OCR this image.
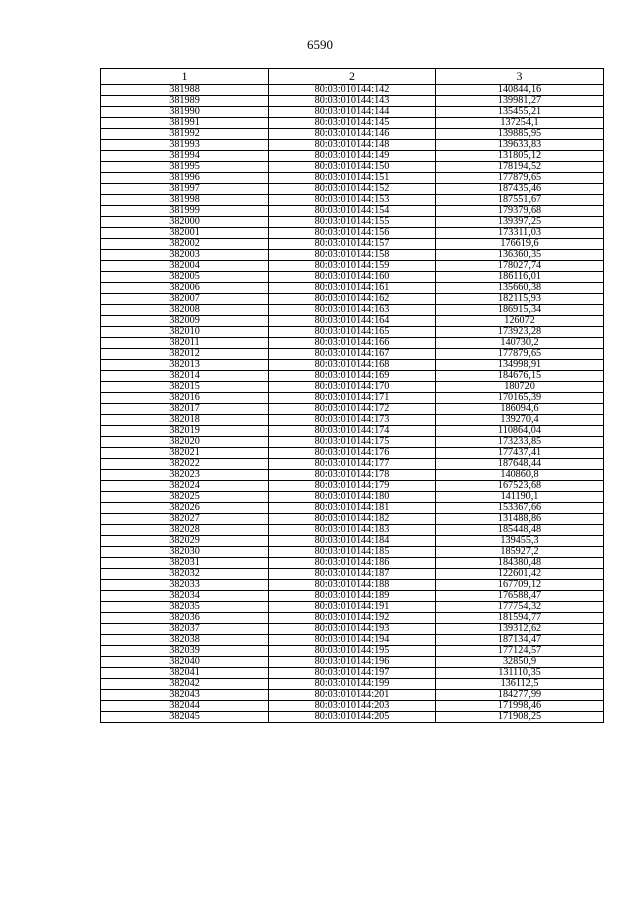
6590
1	2	3
381988	80:03:010144:142	140844,16
381989	80:03:010144:143	139981,27
381990	80:03:010144:144	135455,21
381991	80:03:010144:145	137254,1
381992	80:03:010144:146	139885,95
381993	80:03:010144:148	139633,83
381994	80:03:010144:149	131805,12
381995	80:03:010144:150	178194,52
381996	80:03:010144:151	177879,65
381997	80:03:010144:152	187435,46
381998	80:03:010144:153	187551,67
381999	80:03:010144:154	179379,68
382000	80:03:010144:155	139397,25
382001	80:03:010144:156	173311,03
382002	80:03:010144:157	176619,6
382003	80:03:010144:158	136360,35
382004	80:03:010144:159	178027,74
382005	80:03:010144:160	186116,01
382006	80:03:010144:161	135660,38
382007	80:03:010144:162	182115,93
382008	80:03:010144:163	186915,34
382009	80:03:010144:164	126072
382010	80:03:010144:165	173923,28
382011	80:03:010144:166	140730,2
382012	80:03:010144:167	177879,65
382013	80:03:010144:168	134998,91
382014	80:03:010144:169	184676,15
382015	80:03:010144:170	180720
382016	80:03:010144:171	170165,39
382017	80:03:010144:172	186094,6
382018	80:03:010144:173	139270,4
382019	80:03:010144:174	110864,04
382020	80:03:010144:175	173233,85
382021	80:03:010144:176	177437,41
382022	80:03:010144:177	187648,44
382023	80:03:010144:178	140860,8
382024	80:03:010144:179	167523,68
382025	80:03:010144:180	141190,1
382026	80:03:010144:181	153367,66
382027	80:03:010144:182	131488,86
382028	80:03:010144:183	185448,48
382029	80:03:010144:184	139455,3
382030	80:03:010144:185	185927,2
382031	80:03:010144:186	184380,48
382032	80:03:010144:187	122601,42
382033	80:03:010144:188	167709,12
382034	80:03:010144:189	176588,47
382035	80:03:010144:191	177754,32
382036	80:03:010144:192	181594,77
382037	80:03:010144:193	139312,62
382038	80:03:010144:194	187134,47
382039	80:03:010144:195	177124,57
382040	80:03:010144:196	32850,9
382041	80:03:010144:197	131110,35
382042	80:03:010144:199	136112,5
382043	80:03:010144:201	184277,99
382044	80:03:010144:203	171998,46
382045	80:03:010144:205	171908,25
